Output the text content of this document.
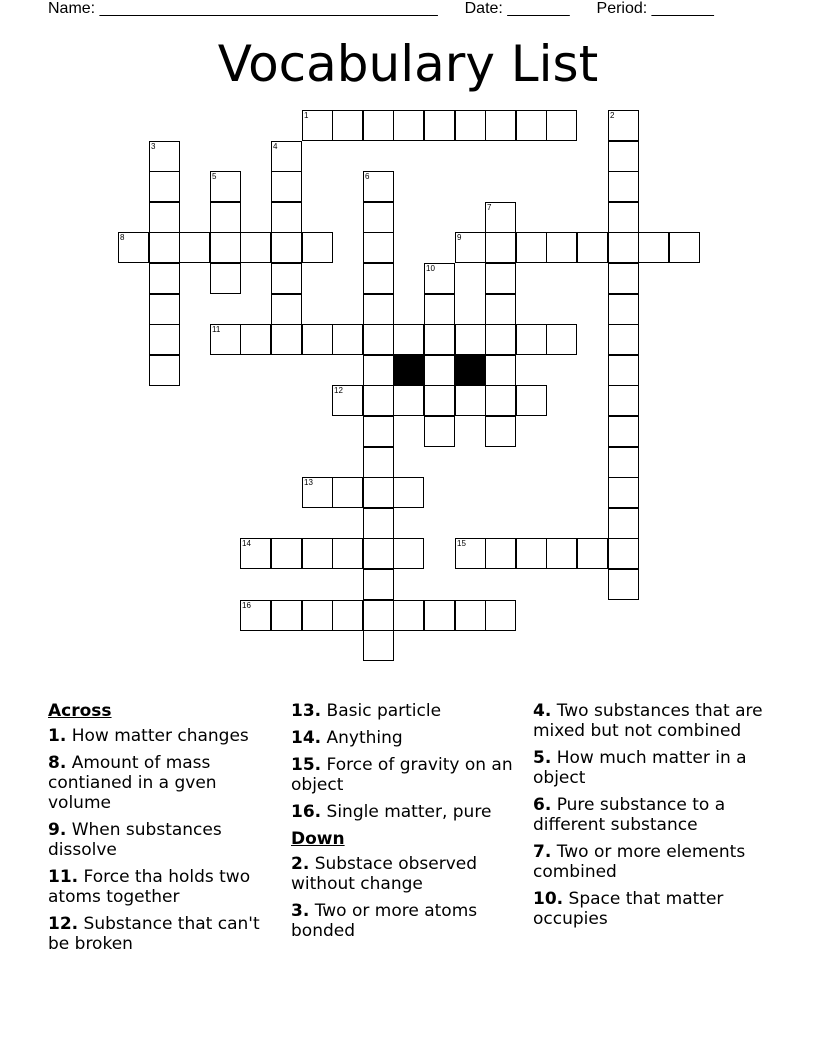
Name: ______________________________________ Date: _______ Period: _______
Vocabulary List
1
8	9
11
12
13
14	15
16
2
3	4
5	6
7
10
Across
1. How matter changes
8. Amount of mass contianed in a gven volume
9. When substances dissolve
11. Force tha holds two atoms together
12. Substance that can't be broken
13. Basic particle
14. Anything
15. Force of gravity on an object
16. Single matter, pure
Down
2. Substace observed without change
3. Two or more atoms bonded
4. Two substances that are mixed but not combined
5. How much matter in a object
6. Pure substance to a different substance
7. Two or more elements combined
10. Space that matter occupies
